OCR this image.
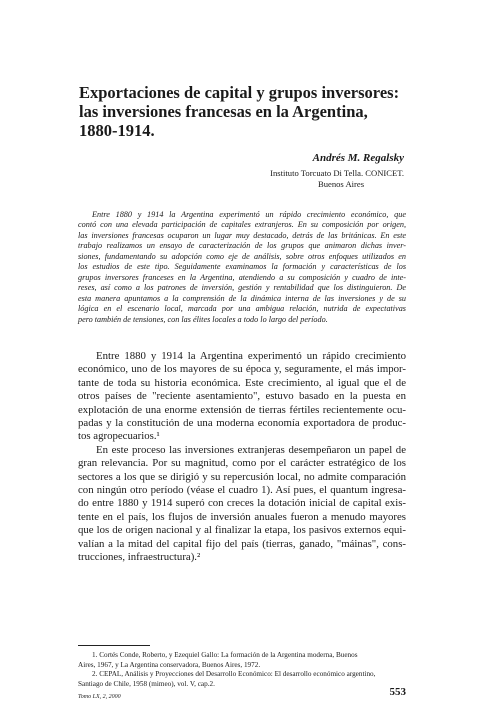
Exportaciones de capital y grupos inversores:
las inversiones francesas en la Argentina,
1880-1914.
Andrés M. Regalsky
Instituto Torcuato Di Tella. CONICET.
Buenos Aires
Entre 1880 y 1914 la Argentina experimentó un rápido crecimiento económico, que
contó con una elevada participación de capitales extranjeros. En su composición por origen,
las inversiones francesas ocuparon un lugar muy destacado, detrás de las británicas. En este
trabajo realizamos un ensayo de caracterización de los grupos que animaron dichas inver-
siones, fundamentando su adopción como eje de análisis, sobre otros enfoques utilizados en
los estudios de este tipo. Seguidamente examinamos la formación y características de los
grupos inversores franceses en la Argentina, atendiendo a su composición y cuadro de inte-
reses, así como a los patrones de inversión, gestión y rentabilidad que los distinguieron. De
esta manera apuntamos a la comprensión de la dinámica interna de las inversiones y de su
lógica en el escenario local, marcada por una ambigua relación, nutrida de expectativas
pero también de tensiones, con las élites locales a todo lo largo del período.
Entre 1880 y 1914 la Argentina experimentó un rápido crecimiento
económico, uno de los mayores de su época y, seguramente, el más impor-
tante de toda su historia económica. Este crecimiento, al igual que el de
otros países de "reciente asentamiento", estuvo basado en la puesta en
explotación de una enorme extensión de tierras fértiles recientemente ocu-
padas y la constitución de una moderna economía exportadora de produc-
tos agropecuarios.¹
En este proceso las inversiones extranjeras desempeñaron un papel de
gran relevancia. Por su magnitud, como por el carácter estratégico de los
sectores a los que se dirigió y su repercusión local, no admite comparación
con ningún otro período (véase el cuadro 1). Así pues, el quantum ingresa-
do entre 1880 y 1914 superó con creces la dotación inicial de capital exis-
tente en el país, los flujos de inversión anuales fueron a menudo mayores
que los de origen nacional y al finalizar la etapa, los pasivos externos equi-
valían a la mitad del capital fijo del país (tierras, ganado, "máinas", cons-
trucciones, infraestructura).²
1. Cortés Conde, Roberto, y Ezequiel Gallo: La formación de la Argentina moderna, Buenos
Aires, 1967, y La Argentina conservadora, Buenos Aires, 1972.
2. CEPAL, Análisis y Proyecciones del Desarrollo Económico: El desarrollo económico argentino,
Santiago de Chile, 1958 (mimeo), vol. V, cap.2.
Tomo LX, 2, 2000	553
